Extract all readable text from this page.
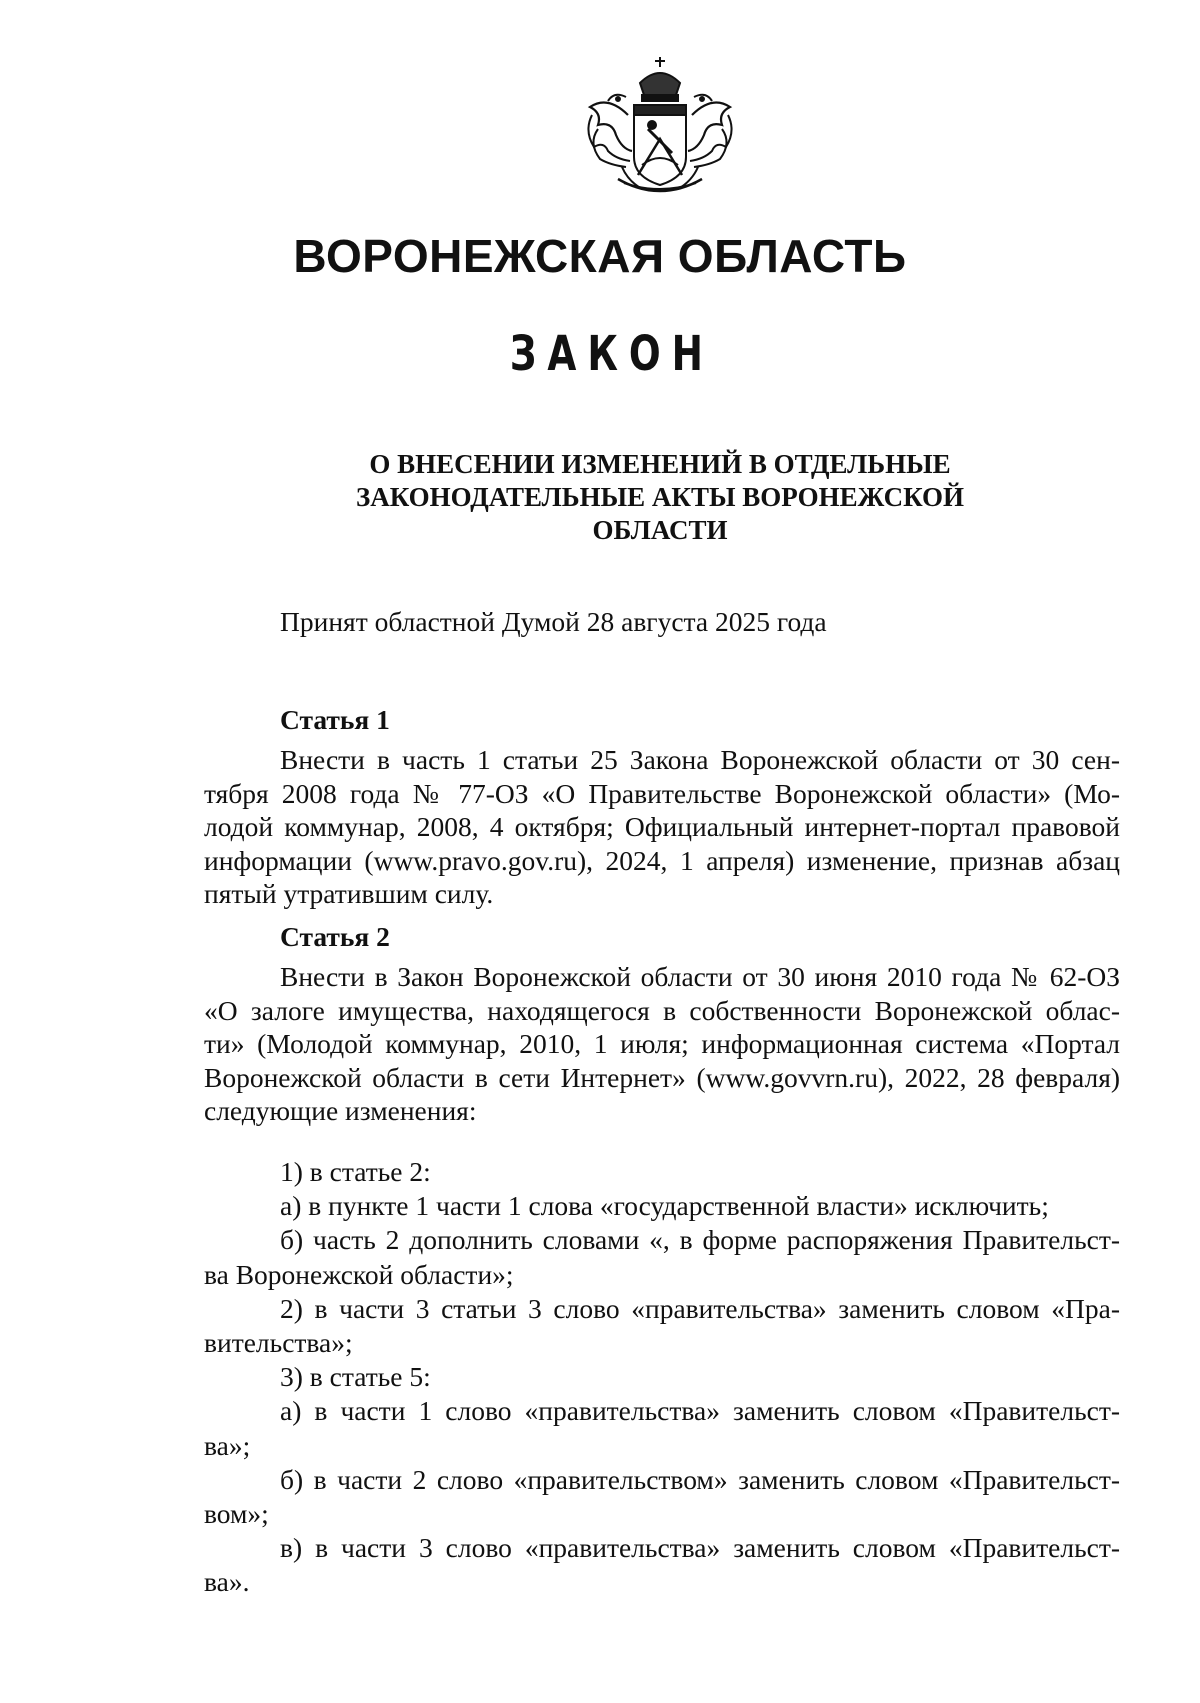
ВОРОНЕЖСКАЯ ОБЛАСТЬ
ЗАКОН
О ВНЕСЕНИИ ИЗМЕНЕНИЙ В ОТДЕЛЬНЫЕ
ЗАКОНОДАТЕЛЬНЫЕ АКТЫ ВОРОНЕЖСКОЙ
ОБЛАСТИ
Принят областной Думой 28 августа 2025 года
Статья 1
Внести в часть 1 статьи 25 Закона Воронежской области от 30 сен-
тября 2008 года № 77-ОЗ «О Правительстве Воронежской области» (Мо-
лодой коммунар, 2008, 4 октября; Официальный интернет-портал правовой
информации (www.pravo.gov.ru), 2024, 1 апреля) изменение, признав абзац
пятый утратившим силу.
Статья 2
Внести в Закон Воронежской области от 30 июня 2010 года № 62-ОЗ
«О залоге имущества, находящегося в собственности Воронежской облас-
ти» (Молодой коммунар, 2010, 1 июля; информационная система «Портал
Воронежской области в сети Интернет» (www.govvrn.ru), 2022, 28 февраля)
следующие изменения:
1) в статье 2:
а) в пункте 1 части 1 слова «государственной власти» исключить;
б) часть 2 дополнить словами «, в форме распоряжения Правительст-
ва Воронежской области»;
2) в части 3 статьи 3 слово «правительства» заменить словом «Пра-
вительства»;
3) в статье 5:
а) в части 1 слово «правительства» заменить словом «Правительст-
ва»;
б) в части 2 слово «правительством» заменить словом «Правительст-
вом»;
в) в части 3 слово «правительства» заменить словом «Правительст-
ва».
